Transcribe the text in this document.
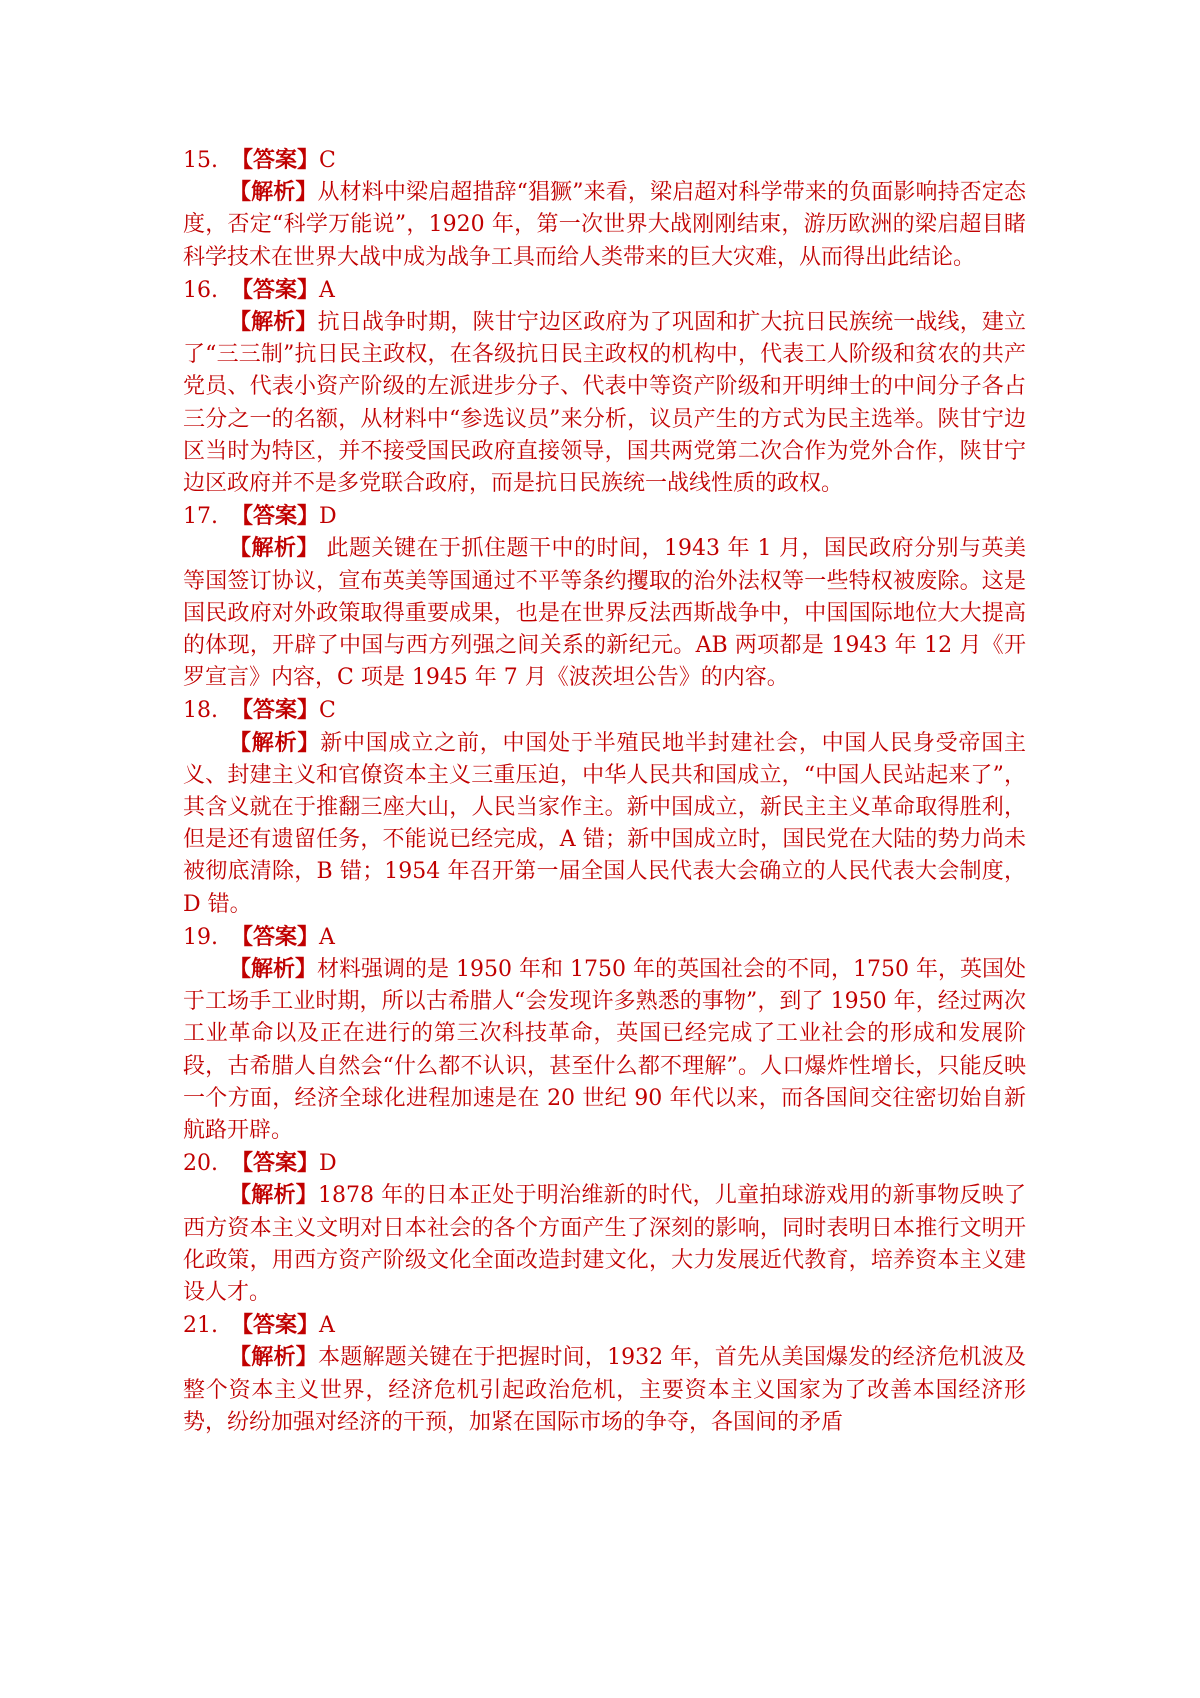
15. 【答案】C

【解析】从材料中梁启超措辞“猖獗”来看，梁启超对科学带来的负面影响持否定态度，否定“科学万能说”，1920 年，第一次世界大战刚刚结束，游历欧洲的梁启超目睹科学技术在世界大战中成为战争工具而给人类带来的巨大灾难，从而得出此结论。

16. 【答案】A

【解析】抗日战争时期，陕甘宁边区政府为了巩固和扩大抗日民族统一战线，建立了“三三制”抗日民主政权，在各级抗日民主政权的机构中，代表工人阶级和贫农的共产党员、代表小资产阶级的左派进步分子、代表中等资产阶级和开明绅士的中间分子各占三分之一的名额，从材料中“参选议员”来分析，议员产生的方式为民主选举。陕甘宁边区当时为特区，并不接受国民政府直接领导，国共两党第二次合作为党外合作，陕甘宁边区政府并不是多党联合政府，而是抗日民族统一战线性质的政权。

17. 【答案】D

【解析】 此题关键在于抓住题干中的时间，1943 年 1 月，国民政府分别与英美等国签订协议，宣布英美等国通过不平等条约攫取的治外法权等一些特权被废除。这是国民政府对外政策取得重要成果，也是在世界反法西斯战争中，中国国际地位大大提高的体现，开辟了中国与西方列强之间关系的新纪元。AB 两项都是 1943 年 12 月《开罗宣言》内容，C 项是 1945 年 7 月《波茨坦公告》的内容。

18. 【答案】C

【解析】新中国成立之前，中国处于半殖民地半封建社会，中国人民身受帝国主义、封建主义和官僚资本主义三重压迫，中华人民共和国成立，“中国人民站起来了”，其含义就在于推翻三座大山，人民当家作主。新中国成立，新民主主义革命取得胜利，但是还有遗留任务，不能说已经完成，A 错；新中国成立时，国民党在大陆的势力尚未被彻底清除，B 错；1954 年召开第一届全国人民代表大会确立的人民代表大会制度，D 错。

19. 【答案】A

【解析】材料强调的是 1950 年和 1750 年的英国社会的不同，1750 年，英国处于工场手工业时期，所以古希腊人“会发现许多熟悉的事物”，到了 1950 年，经过两次工业革命以及正在进行的第三次科技革命，英国已经完成了工业社会的形成和发展阶段，古希腊人自然会“什么都不认识，甚至什么都不理解”。人口爆炸性增长，只能反映一个方面，经济全球化进程加速是在 20 世纪 90 年代以来，而各国间交往密切始自新航路开辟。

20. 【答案】D

【解析】1878 年的日本正处于明治维新的时代，儿童拍球游戏用的新事物反映了西方资本主义文明对日本社会的各个方面产生了深刻的影响，同时表明日本推行文明开化政策，用西方资产阶级文化全面改造封建文化，大力发展近代教育，培养资本主义建设人才。

21. 【答案】A

【解析】本题解题关键在于把握时间，1932 年，首先从美国爆发的经济危机波及整个资本主义世界，经济危机引起政治危机，主要资本主义国家为了改善本国经济形势，纷纷加强对经济的干预，加紧在国际市场的争夺，各国间的矛盾
